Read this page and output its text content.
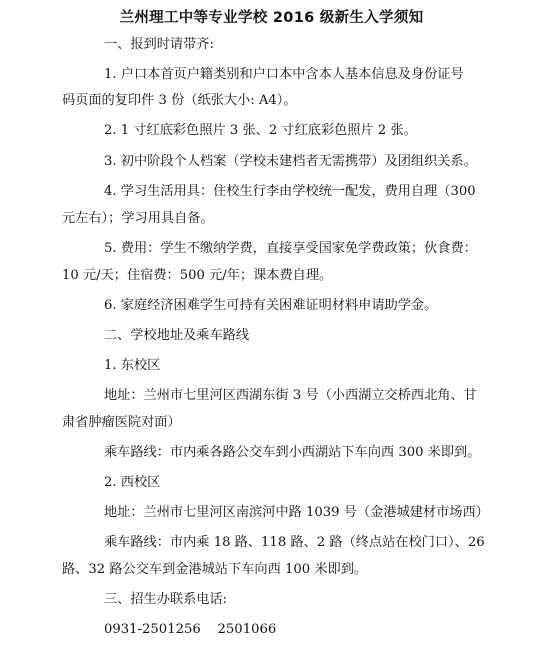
兰州理工中等专业学校 2016 级新生入学须知
一、报到时请带齐:
1. 户口本首页户籍类别和户口本中含本人基本信息及身份证号
码页面的复印件 3 份（纸张大小: A4）。
2. 1 寸红底彩色照片 3 张、2 寸红底彩色照片 2 张。
3. 初中阶段个人档案（学校未建档者无需携带）及团组织关系。
4. 学习生活用具：住校生行李由学校统一配发，费用自理（300
元左右）；学习用具自备。
5. 费用：学生不缴纳学费，直接享受国家免学费政策；伙食费：
10 元/天；住宿费：500 元/年；课本费自理。
6. 家庭经济困难学生可持有关困难证明材料申请助学金。
二、学校地址及乘车路线
1. 东校区
地址：兰州市七里河区西湖东街 3 号（小西湖立交桥西北角、甘
肃省肿瘤医院对面）
乘车路线：市内乘各路公交车到小西湖站下车向西 300 米即到。
2. 西校区
地址：兰州市七里河区南滨河中路 1039 号（金港城建材市场西）
乘车路线：市内乘 18 路、118 路、2 路（终点站在校门口）、26
路、32 路公交车到金港城站下车向西 100 米即到。
三、招生办联系电话:
0931-2501256    2501066
